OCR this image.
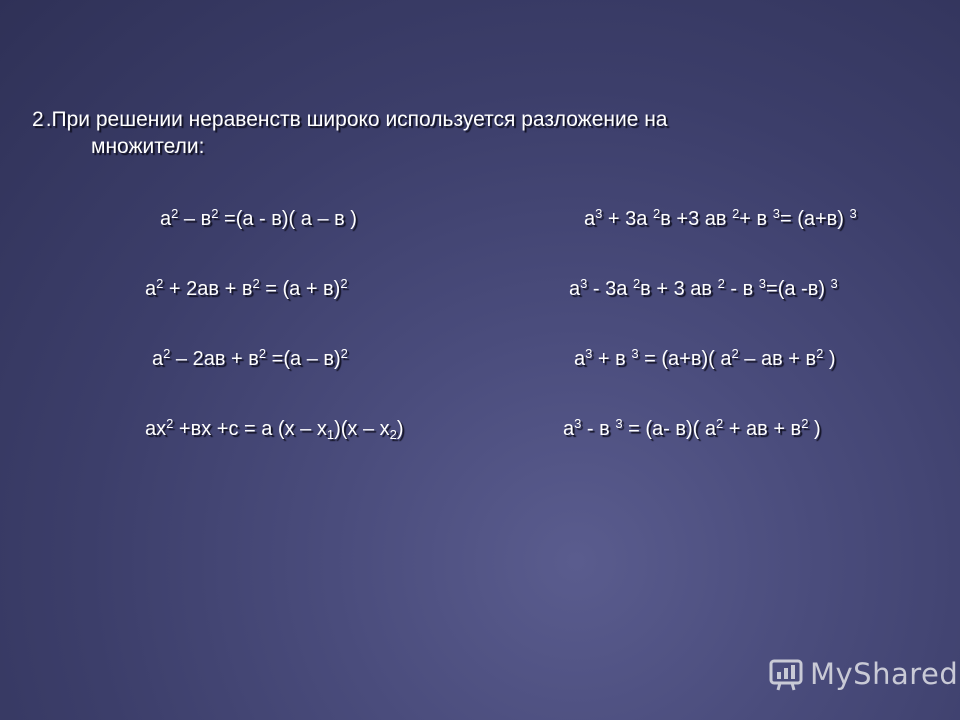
2.При решении неравенств широко используется разложение на
множители:
$а^2 - в^2 =(а - в)$( а – в )
$а^2 + 2ав + в^2 = (а + в)^2$
$а^2 - 2ав + в^2 =(а - в)^2$
$ах^2 +вх +с = а$ $(х - х_1)(х - х_2)$
$а^3 + 3а$ $^2$в +3 ав $^2$+ в $^3$= (а+в) $^3$
$а^3 - 3а$ $^2$в + 3 ав $^2$ - в $^3$=(а -в) $^3$
$а^3 + в$ $^3$ = (а+в)( $а^2$ – ав + $в^2$ )
$а^3$ - в $^3$ = (а- в)( $а^2$ + ав + $в^2$ )
MyShared
